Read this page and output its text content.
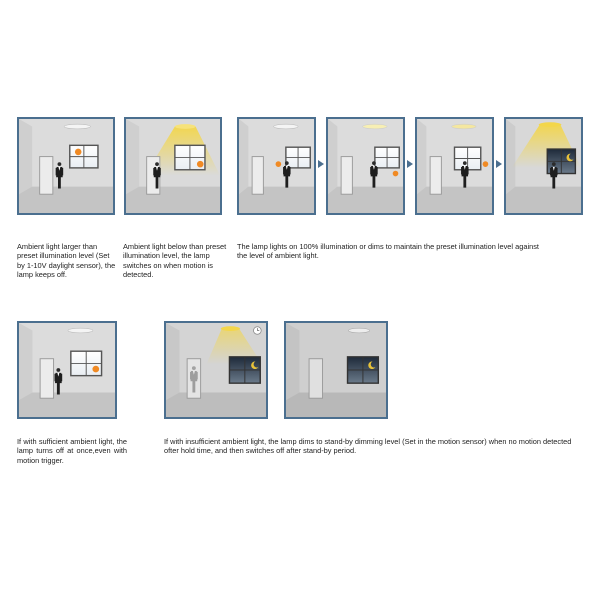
Ambient light larger than preset illumination level (Set by 1-10V daylight sensor), the lamp keeps off.

Ambient light below than preset illumination level, the lamp switches on when motion is detected.

The lamp lights on 100% illumination or dims to maintain the preset illumination level against the level of ambient light.

If with sufficient ambient light, the lamp turns off at once,even with motion trigger.

If with insufficient ambient light, the lamp dims to stand-by dimming level (Set in the motion sensor) when no motion detected ofter hold time, and then switches off after stand-by period.
